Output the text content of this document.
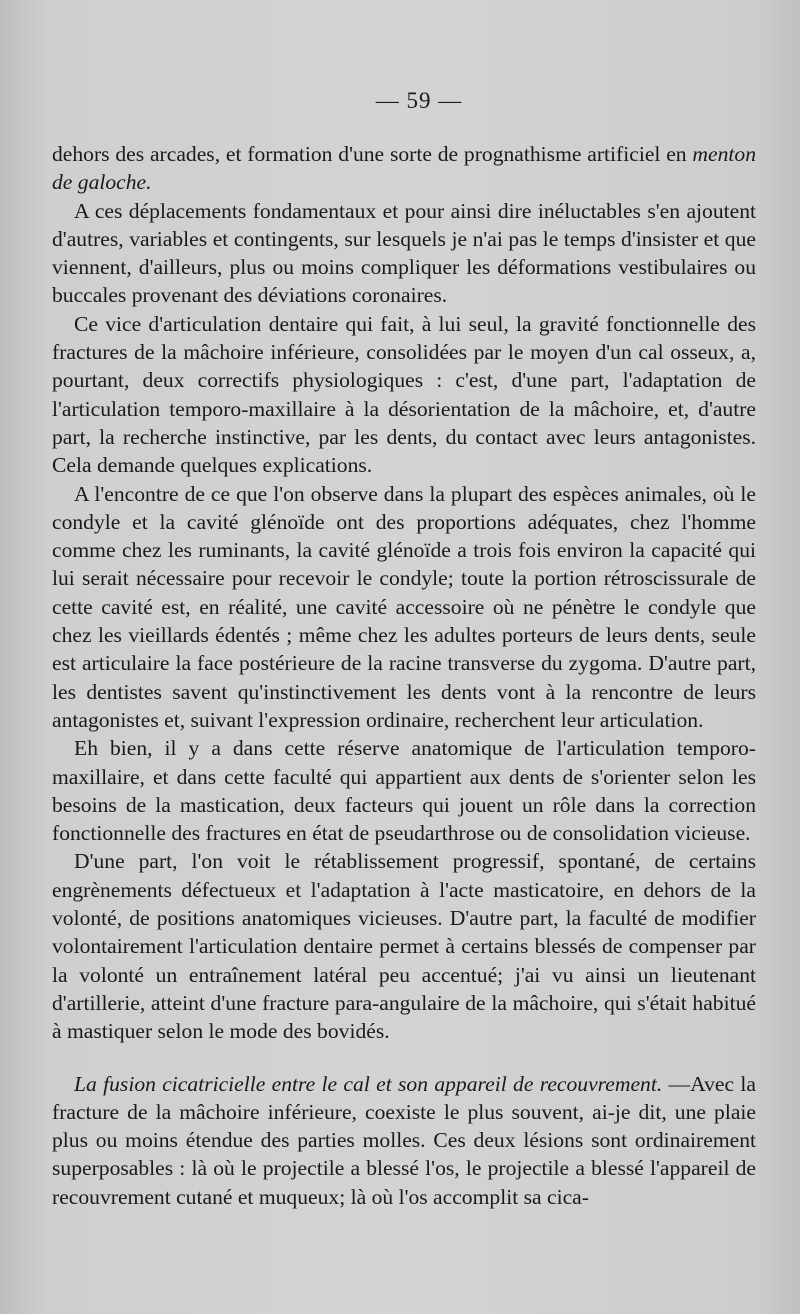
— 59 —

dehors des arcades, et formation d'une sorte de prognathisme artificiel en menton de galoche.

A ces déplacements fondamentaux et pour ainsi dire inéluctables s'en ajoutent d'autres, variables et contingents, sur lesquels je n'ai pas le temps d'insister et que viennent, d'ailleurs, plus ou moins compliquer les déformations vestibulaires ou buccales provenant des déviations coronaires.

Ce vice d'articulation dentaire qui fait, à lui seul, la gravité fonctionnelle des fractures de la mâchoire inférieure, consolidées par le moyen d'un cal osseux, a, pourtant, deux correctifs physiologiques : c'est, d'une part, l'adaptation de l'articulation temporo-maxillaire à la désorientation de la mâchoire, et, d'autre part, la recherche instinctive, par les dents, du contact avec leurs antagonistes. Cela demande quelques explications.

A l'encontre de ce que l'on observe dans la plupart des espèces animales, où le condyle et la cavité glénoïde ont des proportions adéquates, chez l'homme comme chez les ruminants, la cavité glénoïde a trois fois environ la capacité qui lui serait nécessaire pour recevoir le condyle; toute la portion rétroscissurale de cette cavité est, en réalité, une cavité accessoire où ne pénètre le condyle que chez les vieillards édentés ; même chez les adultes porteurs de leurs dents, seule est articulaire la face postérieure de la racine transverse du zygoma. D'autre part, les dentistes savent qu'instinctivement les dents vont à la rencontre de leurs antagonistes et, suivant l'expression ordinaire, recherchent leur articulation.

Eh bien, il y a dans cette réserve anatomique de l'articulation temporo-maxillaire, et dans cette faculté qui appartient aux dents de s'orienter selon les besoins de la mastication, deux facteurs qui jouent un rôle dans la correction fonctionnelle des fractures en état de pseudarthrose ou de consolidation vicieuse.

D'une part, l'on voit le rétablissement progressif, spontané, de certains engrènements défectueux et l'adaptation à l'acte masticatoire, en dehors de la volonté, de positions anatomiques vicieuses. D'autre part, la faculté de modifier volontairement l'articulation dentaire permet à certains blessés de compenser par la volonté un entraînement latéral peu accentué; j'ai vu ainsi un lieutenant d'artillerie, atteint d'une fracture para-angulaire de la mâchoire, qui s'était habitué à mastiquer selon le mode des bovidés.

La fusion cicatricielle entre le cal et son appareil de recouvrement. —Avec la fracture de la mâchoire inférieure, coexiste le plus souvent, ai-je dit, une plaie plus ou moins étendue des parties molles. Ces deux lésions sont ordinairement superposables : là où le projectile a blessé l'os, le projectile a blessé l'appareil de recouvrement cutané et muqueux; là où l'os accomplit sa cica-
